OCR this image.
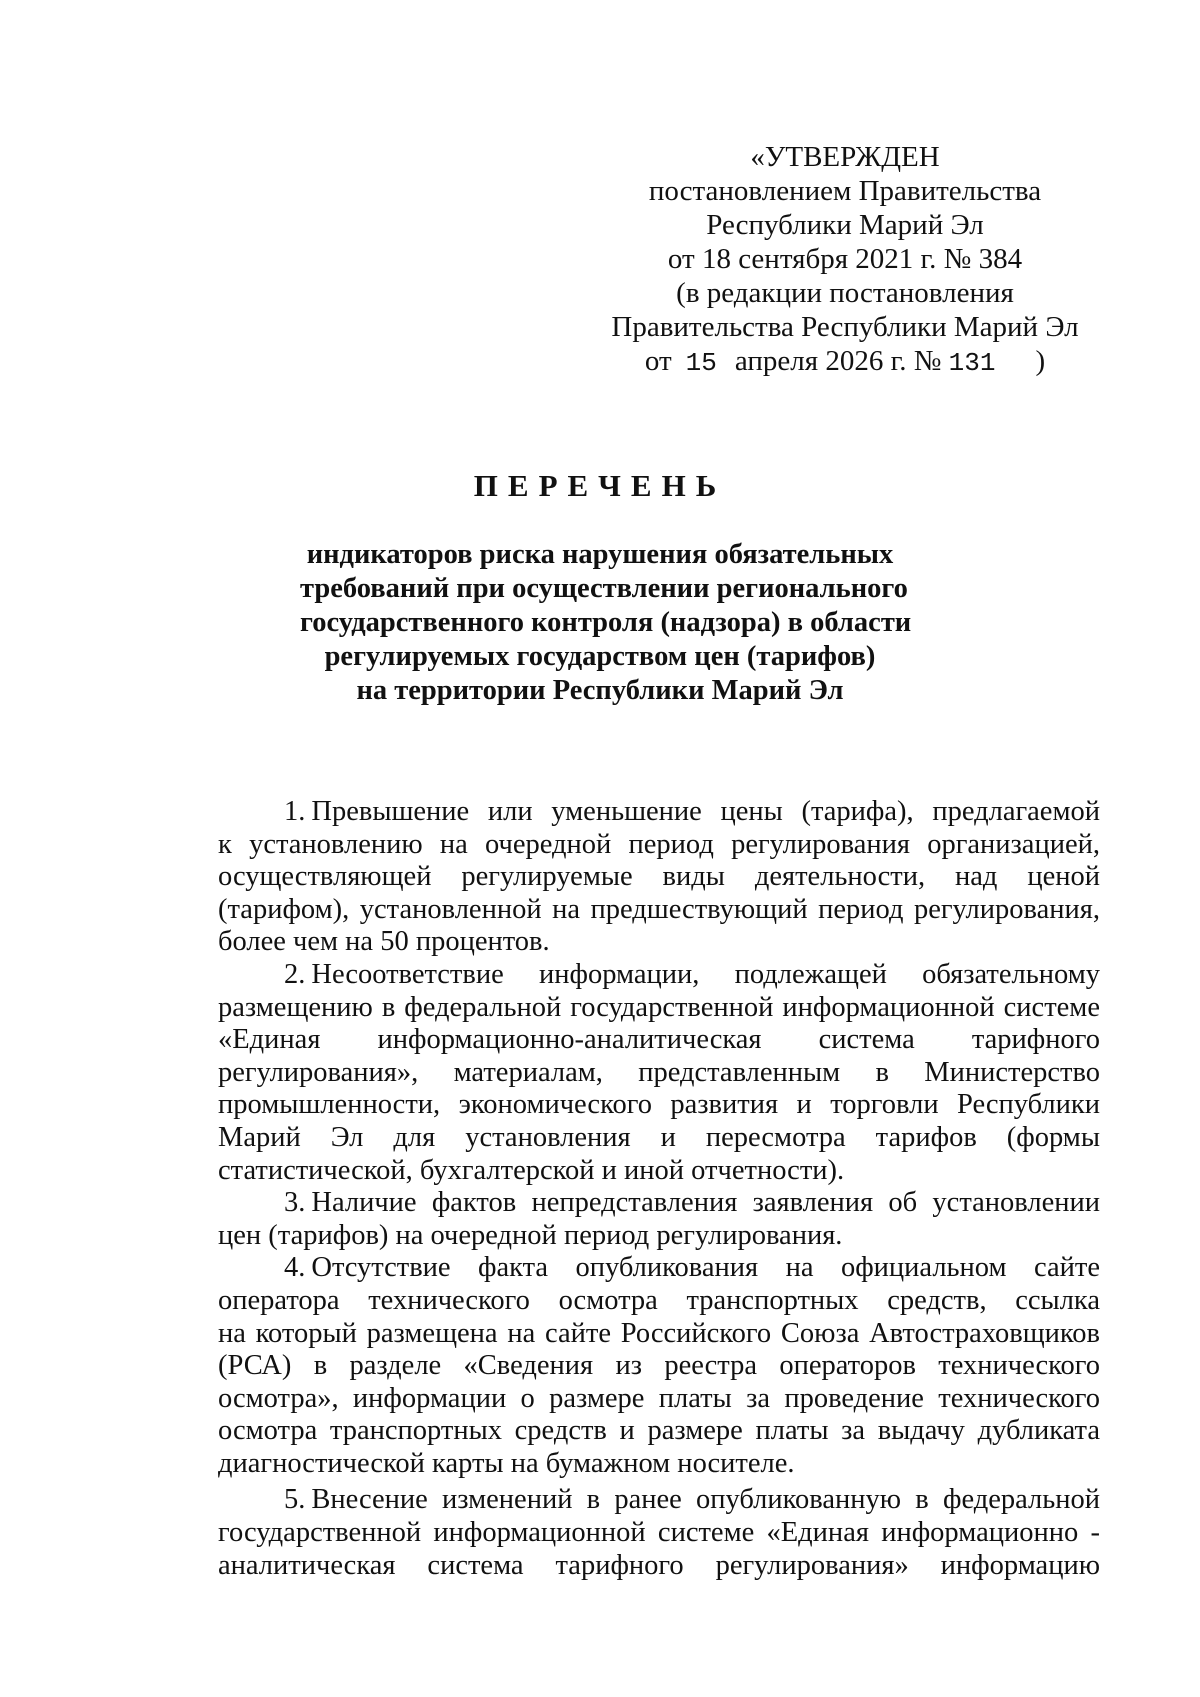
«УТВЕРЖДЕН
постановлением Правительства
Республики Марий Эл
от 18 сентября 2021 г. № 384
(в редакции постановления
Правительства Республики Марий Эл
от 15 апреля 2026 г. № 131 )
ПЕРЕЧЕНЬ
индикаторов риска нарушения обязательных
требований при осуществлении регионального
государственного контроля (надзора) в области
регулируемых государством цен (тарифов)
на территории Республики Марий Эл
1. Превышение или уменьшение цены (тарифа), предлагаемой
к установлению на очередной период регулирования организацией,
осуществляющей регулируемые виды деятельности, над ценой
(тарифом), установленной на предшествующий период регулирования,
более чем на 50 процентов.
2. Несоответствие информации, подлежащей обязательному
размещению в федеральной государственной информационной системе
«Единая информационно-аналитическая система тарифного
регулирования», материалам, представленным в Министерство
промышленности, экономического развития и торговли Республики
Марий Эл для установления и пересмотра тарифов (формы
статистической, бухгалтерской и иной отчетности).
3. Наличие фактов непредставления заявления об установлении
цен (тарифов) на очередной период регулирования.
4. Отсутствие факта опубликования на официальном сайте
оператора технического осмотра транспортных средств, ссылка
на который размещена на сайте Российского Союза Автостраховщиков
(РСА) в разделе «Сведения из реестра операторов технического
осмотра», информации о размере платы за проведение технического
осмотра транспортных средств и размере платы за выдачу дубликата
диагностической карты на бумажном носителе.
5. Внесение изменений в ранее опубликованную в федеральной
государственной информационной системе «Единая информационно -
аналитическая система тарифного регулирования» информацию
